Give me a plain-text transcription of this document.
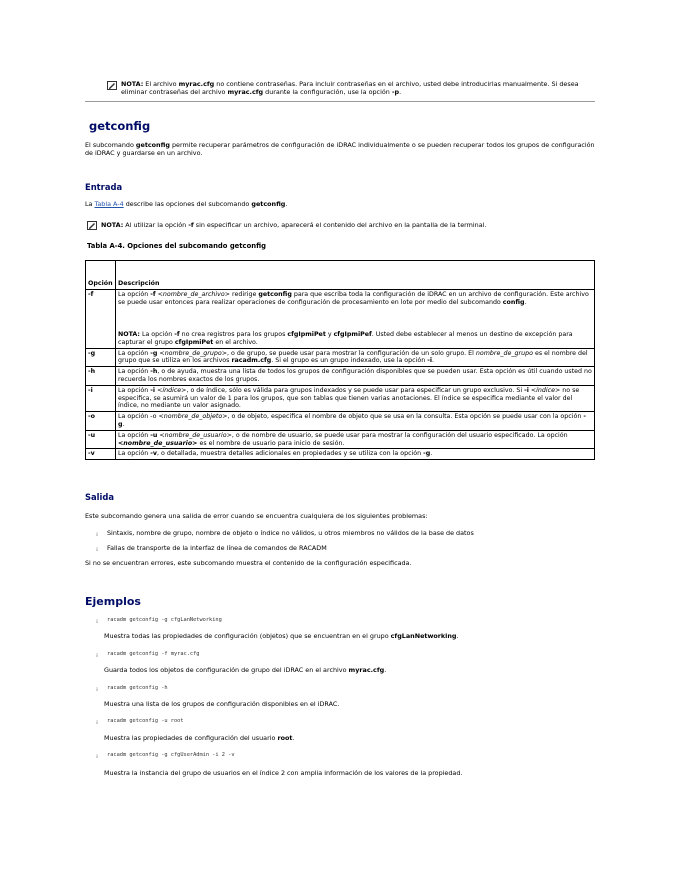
NOTA: El archivo myrac.cfg no contiene contraseñas. Para incluir contraseñas en el archivo, usted debe introducirlas manualmente. Si desea
eliminar contraseñas del archivo myrac.cfg durante la configuración, use la opción -p.
getconfig
El subcomando getconfig permite recuperar parámetros de configuración de iDRAC individualmente o se pueden recuperar todos los grupos de configuración
de iDRAC y guardarse en un archivo.
Entrada
La Tabla A-4 describe las opciones del subcomando getconfig.
NOTA: Al utilizar la opción -f sin especificar un archivo, aparecerá el contenido del archivo en la pantalla de la terminal.
Tabla A-4. Opciones del subcomando getconfig
Opción	Descripción
-f	La opción -f <nombre_de_archivo> redirige getconfig para que escriba toda la configuración de iDRAC en un archivo de configuración. Este archivo se puede usar entonces para realizar operaciones de configuración de procesamiento en lote por medio del subcomando config.
NOTA: La opción -f no crea registros para los grupos cfgIpmiPet y cfgIpmiPef. Usted debe establecer al menos un destino de excepción para capturar el grupo cfgIpmiPet en el archivo.

-g	La opción -g <nombre_de_grupo>, o de grupo, se puede usar para mostrar la configuración de un solo grupo. El nombre_de_grupo es el nombre del grupo que se utiliza en los archivos racadm.cfg. Si el grupo es un grupo indexado, use la opción -i.
-h	La opción -h, o de ayuda, muestra una lista de todos los grupos de configuración disponibles que se pueden usar. Esta opción es útil cuando usted no recuerda los nombres exactos de los grupos.
-i	La opción -i <índice>, o de índice, sólo es válida para grupos indexados y se puede usar para especificar un grupo exclusivo. Si -i <índice> no se especifica, se asumirá un valor de 1 para los grupos, que son tablas que tienen varias anotaciones. El índice se especifica mediante el valor del índice, no mediante un valor asignado.
-o	La opción -o <nombre_de_objeto>, o de objeto, especifica el nombre de objeto que se usa en la consulta. Esta opción se puede usar con la opción -g.
-u	La opción -u <nombre_de_usuario>, o de nombre de usuario, se puede usar para mostrar la configuración del usuario especificado. La opción <nombre_de_usuario> es el nombre de usuario para inicio de sesión.
-v	La opción -v, o detallada, muestra detalles adicionales en propiedades y se utiliza con la opción -g.
Salida
Este subcomando genera una salida de error cuando se encuentra cualquiera de los siguientes problemas:
¡ Sintaxis, nombre de grupo, nombre de objeto o índice no válidos, u otros miembros no válidos de la base de datos
¡ Fallas de transporte de la interfaz de línea de comandos de RACADM
Si no se encuentran errores, este subcomando muestra el contenido de la configuración especificada.
Ejemplos
¡ racadm getconfig -g cfgLanNetworking
Muestra todas las propiedades de configuración (objetos) que se encuentran en el grupo cfgLanNetworking.
¡ racadm getconfig -f myrac.cfg
Guarda todos los objetos de configuración de grupo del iDRAC en el archivo myrac.cfg.
¡ racadm getconfig -h
Muestra una lista de los grupos de configuración disponibles en el iDRAC.
¡ racadm getconfig -u root
Muestra las propiedades de configuración del usuario root.
¡ racadm getconfig -g cfgUserAdmin -i 2 -v
Muestra la instancia del grupo de usuarios en el índice 2 con amplia información de los valores de la propiedad.
